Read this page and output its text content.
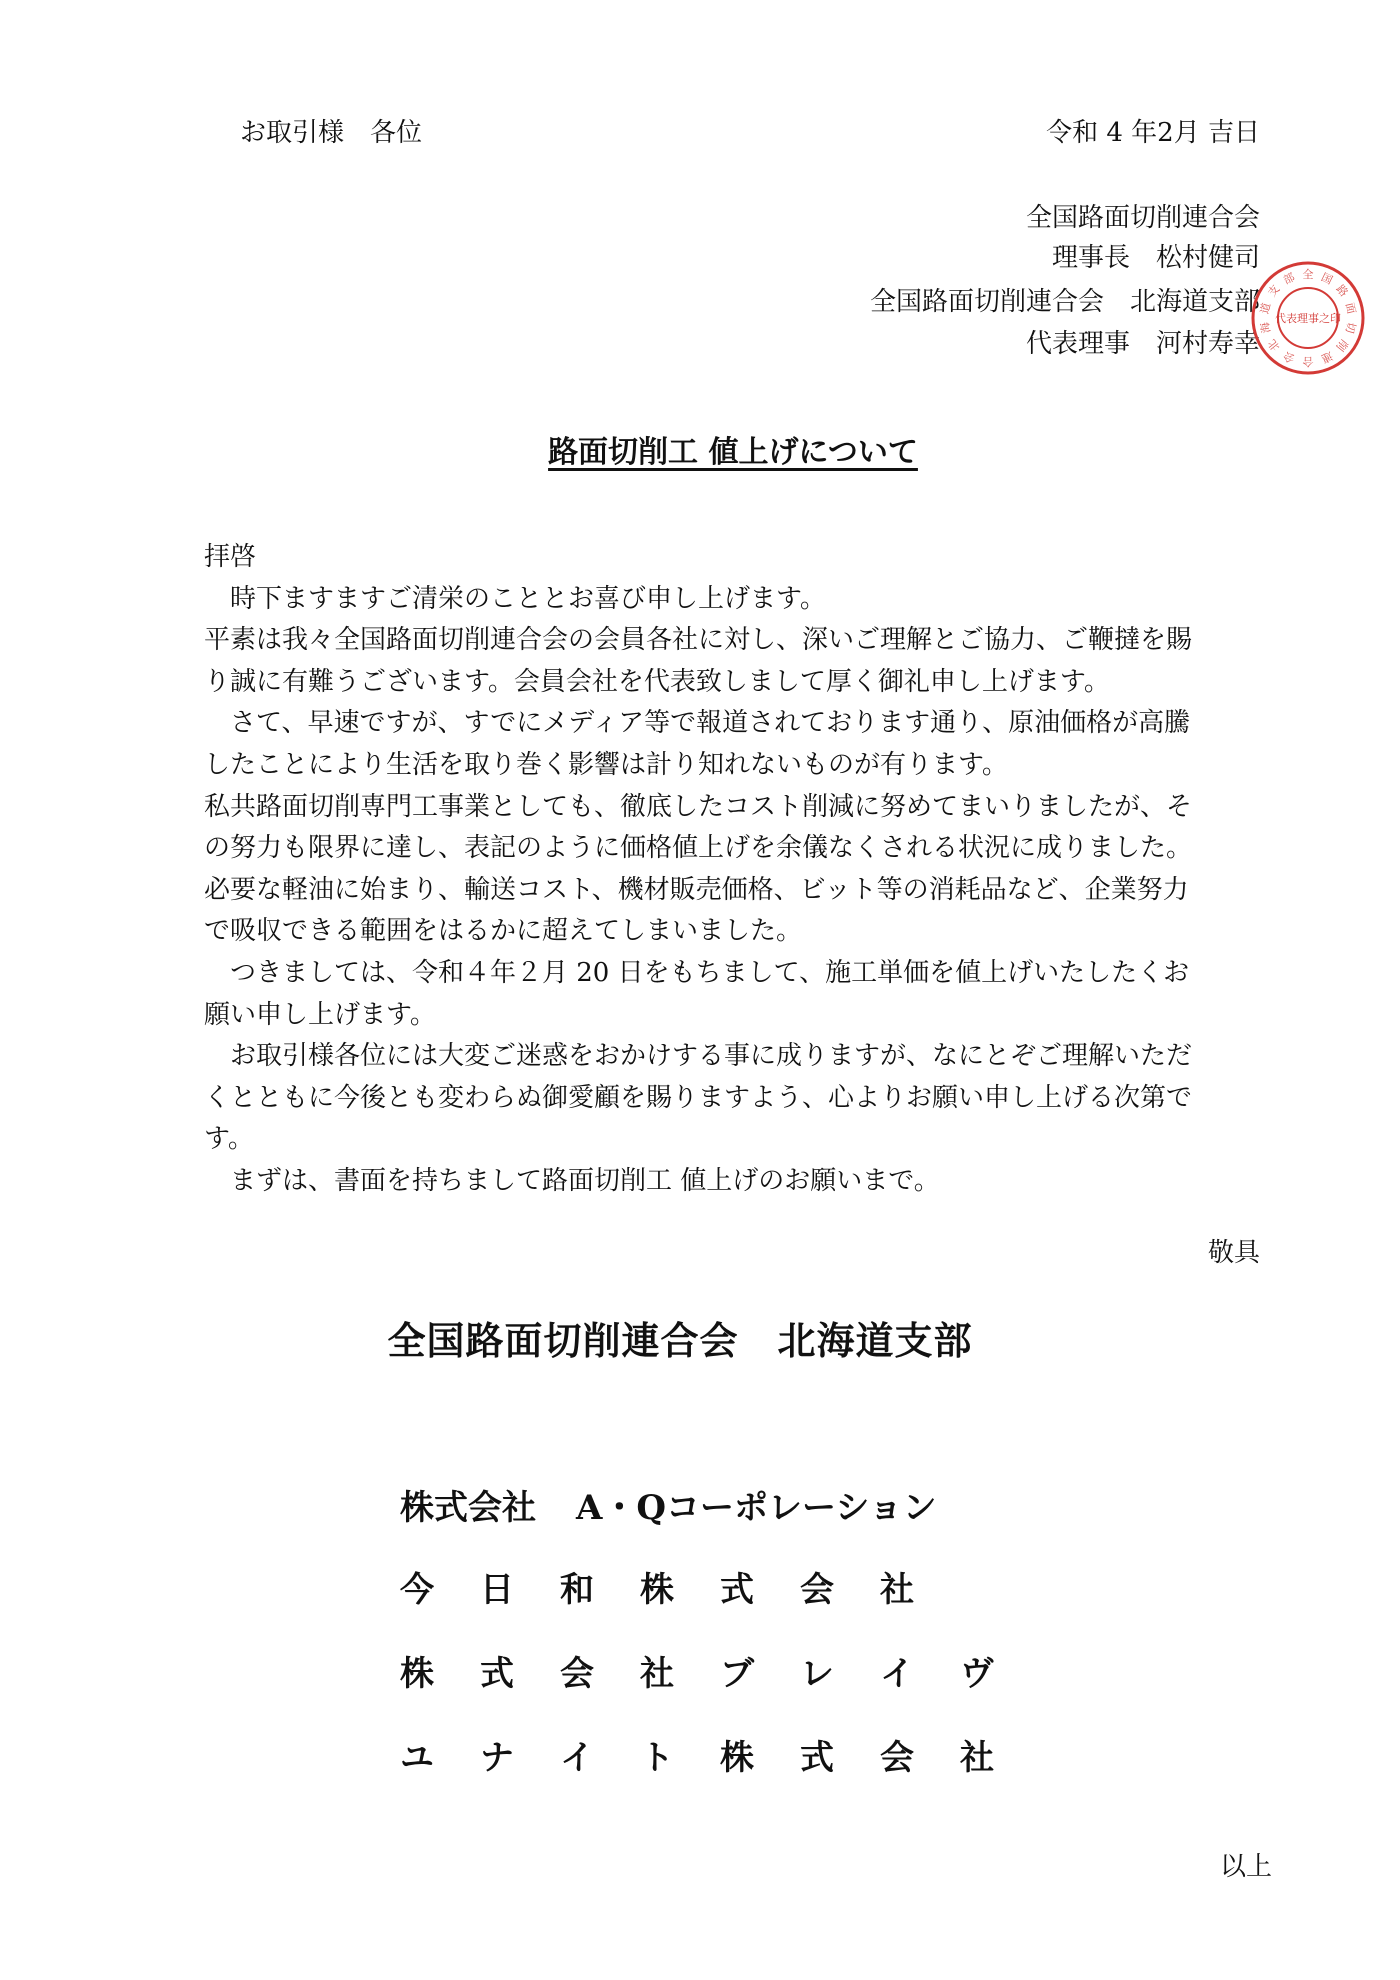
お取引様　各位	令和 4 年2月 吉日
全国路面切削連合会
理事長　松村健司
全国路面切削連合会　北海道支部
代表理事　河村寿幸
全 国
路
面
切
削
連
合
会
北
海
道
支
部
代表理事之印
路面切削工 値上げについて
拝啓
　時下ますますご清栄のこととお喜び申し上げます。
平素は我々全国路面切削連合会の会員各社に対し、深いご理解とご協力、ご鞭撻を賜
り誠に有難うございます。会員会社を代表致しまして厚く御礼申し上げます。
　さて、早速ですが、すでにメディア等で報道されております通り、原油価格が高騰
したことにより生活を取り巻く影響は計り知れないものが有ります。
私共路面切削専門工事業としても、徹底したコスト削減に努めてまいりましたが、そ
の努力も限界に達し、表記のように価格値上げを余儀なくされる状況に成りました。
必要な軽油に始まり、輸送コスト、機材販売価格、ビット等の消耗品など、企業努力
で吸収できる範囲をはるかに超えてしまいました。
　つきましては、令和４年２月 20 日をもちまして、施工単価を値上げいたしたくお
願い申し上げます。
　お取引様各位には大変ご迷惑をおかけする事に成りますが、なにとぞご理解いただ
くとともに今後とも変わらぬ御愛顧を賜りますよう、心よりお願い申し上げる次第で
す。
　まずは、書面を持ちまして路面切削工 値上げのお願いまで。
敬具
全国路面切削連合会　北海道支部
株式会社 A・Qコーポレーション
今 日 和 株 式 会 社
株 式 会 社 ブ レ イ ヴ
ユ ナ イ ト 株 式 会 社
以上
